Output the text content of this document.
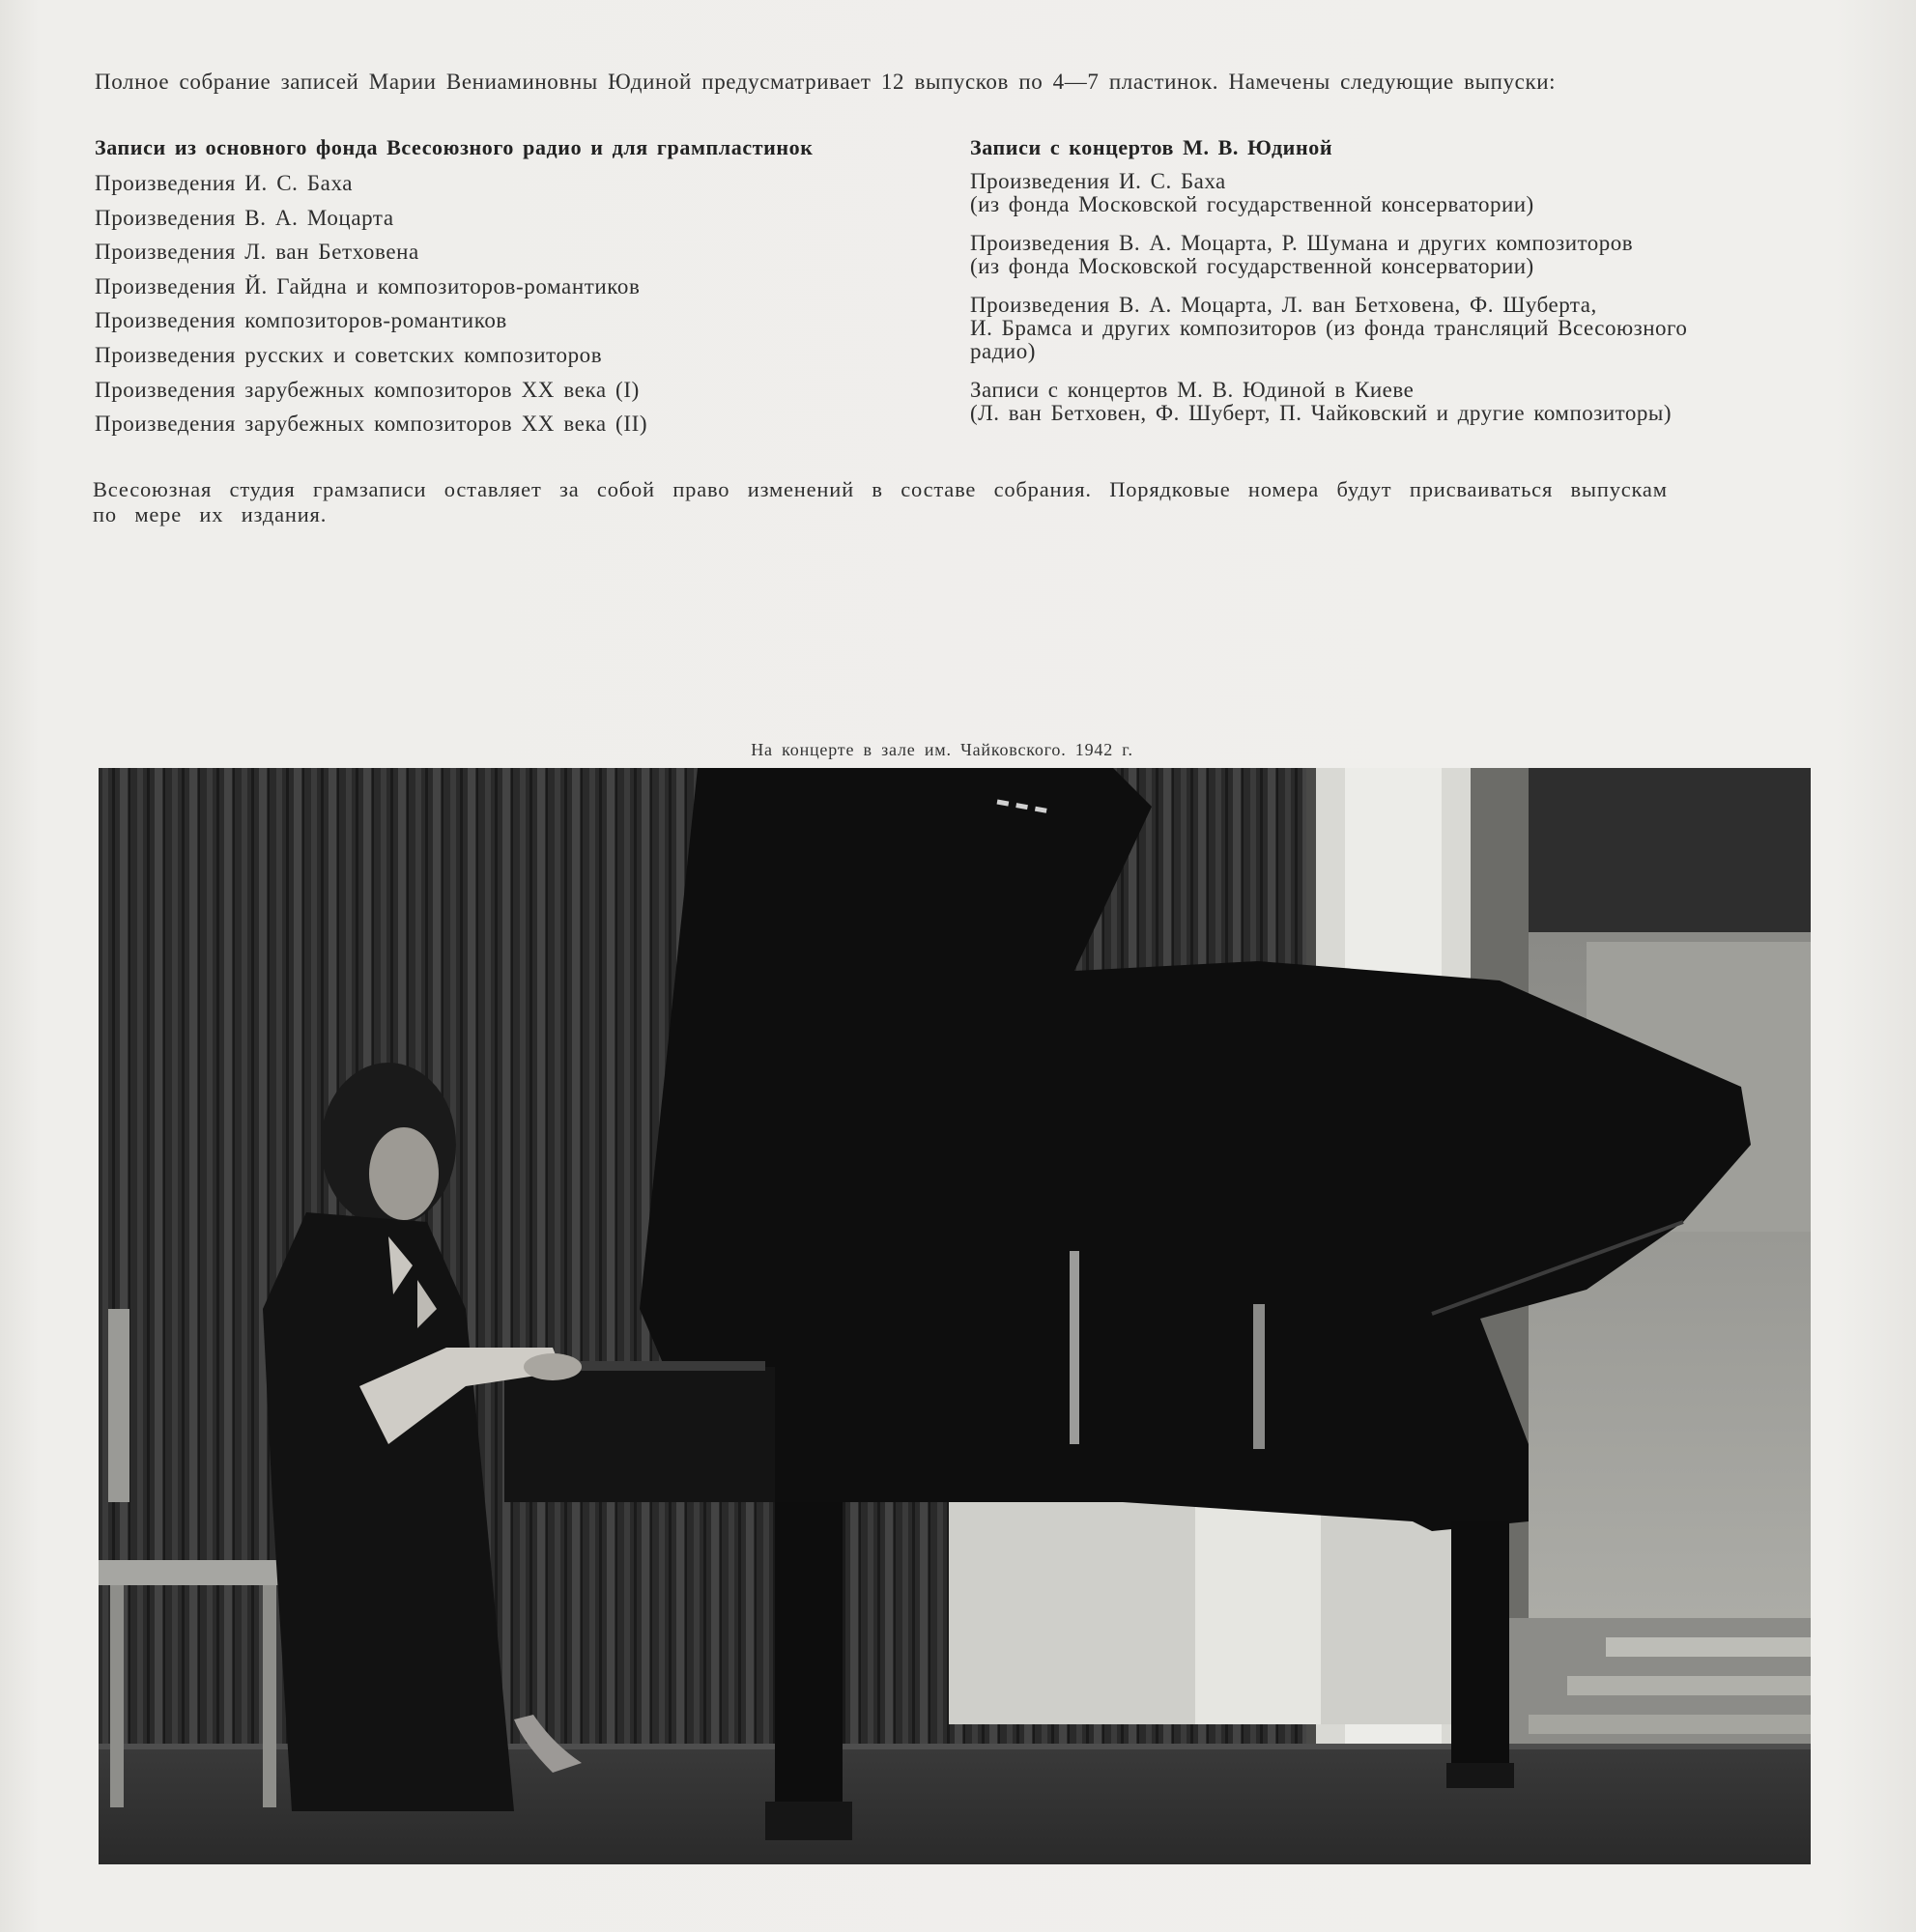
Полное собрание записей Марии Вениаминовны Юдиной предусматривает 12 выпусков по 4—7 пластинок. Намечены следующие выпуски:
Записи из основного фонда Всесоюзного радио и для грампластинок
Произведения И. С. Баха
Произведения В. А. Моцарта
Произведения Л. ван Бетховена
Произведения Й. Гайдна и композиторов-романтиков
Произведения композиторов-романтиков
Произведения русских и советских композиторов
Произведения зарубежных композиторов XX века (I)
Произведения зарубежных композиторов XX века (II)
Записи с концертов М. В. Юдиной
Произведения И. С. Баха
(из фонда Московской государственной консерватории)
Произведения В. А. Моцарта, Р. Шумана и других композиторов
(из фонда Московской государственной консерватории)
Произведения В. А. Моцарта, Л. ван Бетховена, Ф. Шуберта,
И. Брамса и других композиторов (из фонда трансляций Всесоюзного
радио)
Записи с концертов М. В. Юдиной в Киеве
(Л. ван Бетховен, Ф. Шуберт, П. Чайковский и другие композиторы)
Всесоюзная студия грамзаписи оставляет за собой право изменений в составе собрания. Порядковые номера будут присваиваться выпускам по мере их издания.
На концерте в зале им. Чайковского. 1942 г.
